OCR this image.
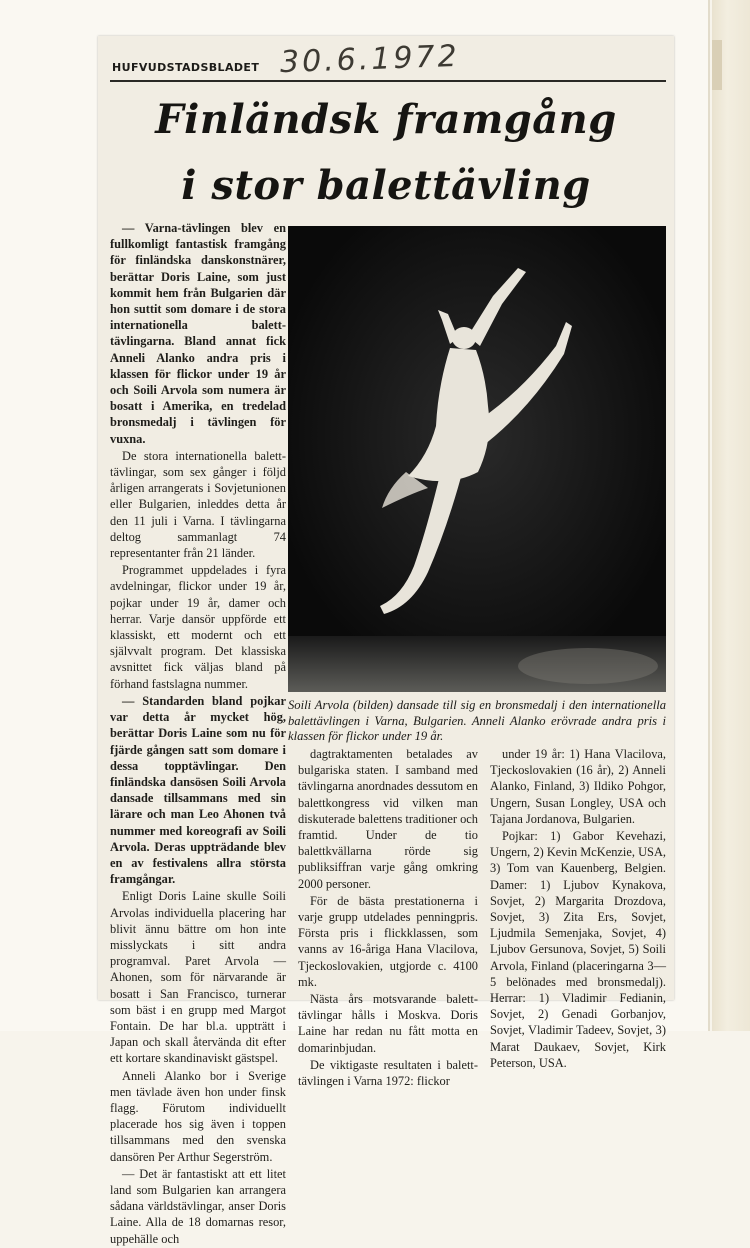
HUFVUDSTADSBLADET 30.6.1972
Finländsk framgång
i stor balettävling

— Varna-tävlingen blev en fullkomligt fantastisk framgång för finländska danskonstnärer, berättar Doris Laine, som just kommit hem från Bulgarien där hon suttit som domare i de stora internationella balett-tävlingarna. Bland annat fick Anneli Alanko andra pris i klassen för flickor under 19 år och Soili Arvola som numera är bosatt i Amerika, en tredelad bronsmedalj i tävlingen för vuxna.

De stora internationella balett-tävlingar, som sex gånger i följd årligen arrangerats i Sovjetunionen eller Bulgarien, inleddes detta år den 11 juli i Varna. I tävlingarna deltog sammanlagt 74 representanter från 21 länder.

Programmet uppdelades i fyra avdelningar, flickor under 19 år, pojkar under 19 år, damer och herrar. Varje dansör uppförde ett klassiskt, ett modernt och ett självvalt program. Det klassiska avsnittet fick väljas bland på förhand fastslagna nummer.

— Standarden bland pojkar var detta år mycket hög, berättar Doris Laine som nu för fjärde gången satt som domare i dessa topptävlingar. Den finländska dansösen Soili Arvola dansade tillsammans med sin lärare och man Leo Ahonen två nummer med koreografi av Soili Arvola. Deras uppträdande blev en av festivalens allra största framgångar.

Enligt Doris Laine skulle Soili Arvolas individuella placering har blivit ännu bättre om hon inte misslyckats i sitt andra programval. Paret Arvola — Ahonen, som för närvarande är bosatt i San Francisco, turnerar som bäst i en grupp med Margot Fontain. De har bl.a. uppträtt i Japan och skall återvända dit efter ett kortare skandinaviskt gästspel.

Anneli Alanko bor i Sverige men tävlade även hon under finsk flagg. Förutom individuellt placerade hos sig även i toppen tillsammans med den svenska dansören Per Arthur Segerström.

— Det är fantastiskt att ett litet land som Bulgarien kan arrangera sådana världstävlingar, anser Doris Laine. Alla de 18 domarnas resor, uppehälle och

Soili Arvola (bilden) dansade till sig en bronsmedalj i den internationella balettävlingen i Varna, Bulgarien. Anneli Alanko erövrade andra pris i klassen för flickor under 19 år.

dagtraktamenten betalades av bulgariska staten. I samband med tävlingarna anordnades dessutom en balettkongress vid vilken man diskuterade balettens traditioner och framtid. Under de tio balettkvällarna rörde sig publiksiffran varje gång omkring 2000 personer.

För de bästa prestationerna i varje grupp utdelades penningpris. Första pris i flickklassen, som vanns av 16-åriga Hana Vlacilova, Tjeckoslovakien, utgjorde c. 4100 mk.

Nästa års motsvarande balett-tävlingar hålls i Moskva. Doris Laine har redan nu fått motta en domarinbjudan.

De viktigaste resultaten i balett-tävlingen i Varna 1972: flickor

under 19 år: 1) Hana Vlacilova, Tjeckoslovakien (16 år), 2) Anneli Alanko, Finland, 3) Ildiko Pohgor, Ungern, Susan Longley, USA och Tajana Jordanova, Bulgarien.

Pojkar: 1) Gabor Kevehazi, Ungern, 2) Kevin McKenzie, USA, 3) Tom van Kauenberg, Belgien. Damer: 1) Ljubov Kynakova, Sovjet, 2) Margarita Drozdova, Sovjet, 3) Zita Ers, Sovjet, Ljudmila Semenjaka, Sovjet, 4) Ljubov Gersunova, Sovjet, 5) Soili Arvola, Finland (placeringarna 3—5 belönades med bronsmedalj). Herrar: 1) Vladimir Fedianin, Sovjet, 2) Genadi Gorbanjov, Sovjet, Vladimir Tadeev, Sovjet, 3) Marat Daukaev, Sovjet, Kirk Peterson, USA.
